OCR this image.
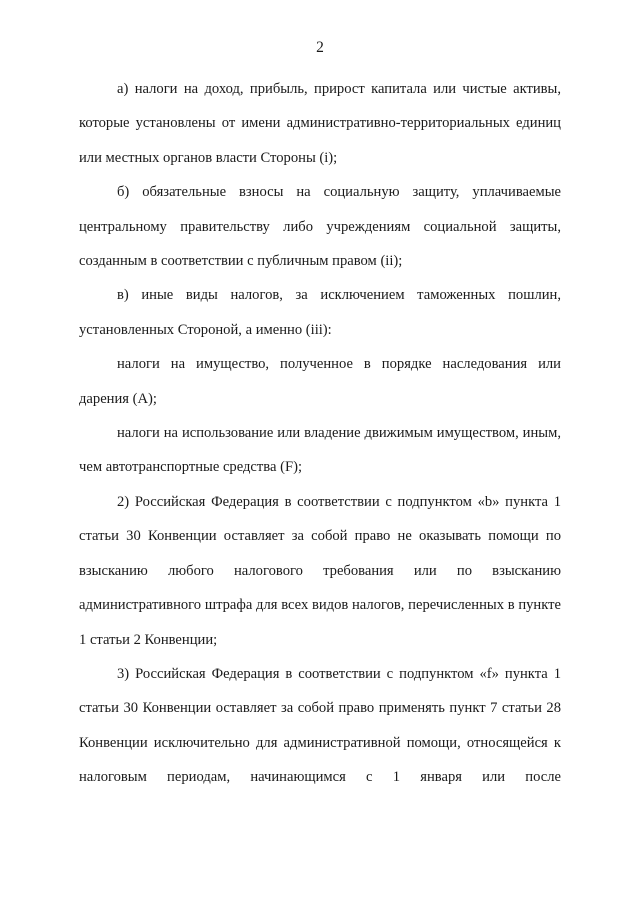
2

а) налоги на доход, прибыль, прирост капитала или чистые активы, которые установлены от имени административно-территориальных единиц или местных органов власти Стороны (i);

б) обязательные взносы на социальную защиту, уплачиваемые центральному правительству либо учреждениям социальной защиты, созданным в соответствии с публичным правом (ii);

в) иные виды налогов, за исключением таможенных пошлин, установленных Стороной, а именно (iii):

налоги на имущество, полученное в порядке наследования или дарения (A);

налоги на использование или владение движимым имуществом, иным, чем автотранспортные средства (F);

2) Российская Федерация в соответствии с подпунктом «b» пункта 1 статьи 30 Конвенции оставляет за собой право не оказывать помощи по взысканию любого налогового требования или по взысканию административного штрафа для всех видов налогов, перечисленных в пункте 1 статьи 2 Конвенции;

3) Российская Федерация в соответствии с подпунктом «f» пункта 1 статьи 30 Конвенции оставляет за собой право применять пункт 7 статьи 28 Конвенции исключительно для административной помощи, относящейся к налоговым периодам, начинающимся с 1 января или после
